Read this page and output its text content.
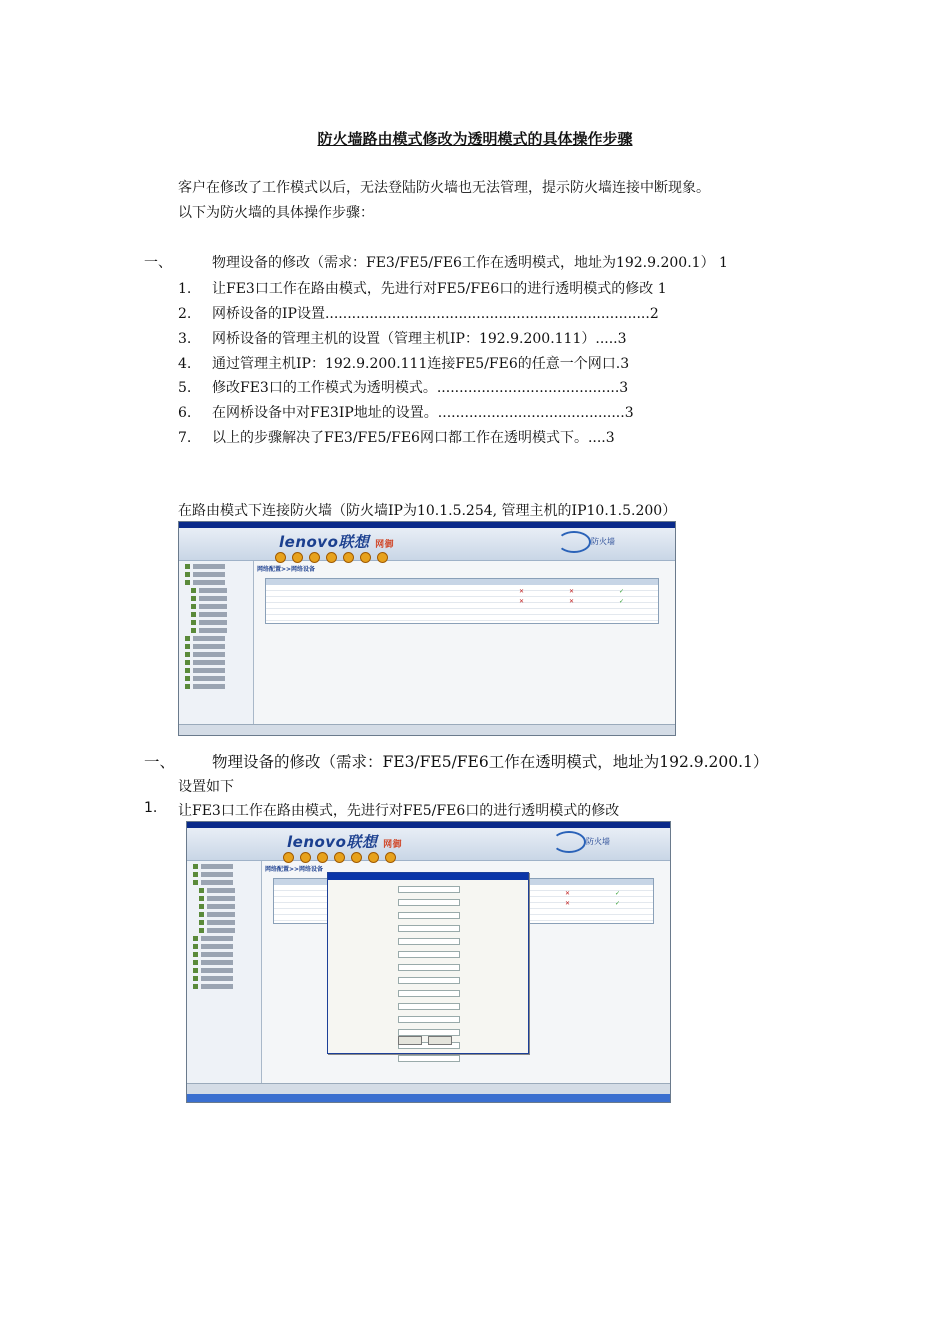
防火墙路由模式修改为透明模式的具体操作步骤
客户在修改了工作模式以后，无法登陆防火墙也无法管理，提示防火墙连接中断现象。
以下为防火墙的具体操作步骤：
一、	物理设备的修改（需求：FE3/FE5/FE6工作在透明模式，地址为192.9.200.1） 1
1. 让FE3口工作在路由模式，先进行对FE5/FE6口的进行透明模式的修改 1
2. 网桥设备的IP设置.........................................................................2
3. 网桥设备的管理主机的设置（管理主机IP：192.9.200.111）.....3
4. 通过管理主机IP：192.9.200.111连接FE5/FE6的任意一个网口.3
5. 修改FE3口的工作模式为透明模式。.........................................3
6. 在网桥设备中对FE3IP地址的设置。..........................................3
7. 以上的步骤解决了FE3/FE5/FE6网口都工作在透明模式下。....3
在路由模式下连接防火墙（防火墙IP为10.1.5.254, 管理主机的IP10.1.5.200）
lenovo联想 网御	防火墙
网络配置>>网络设备
✕
✕
✕
✕
✓
✓
一、 物理设备的修改（需求：FE3/FE5/FE6工作在透明模式，地址为192.9.200.1）
设置如下
1. 让FE3口工作在路由模式，先进行对FE5/FE6口的进行透明模式的修改
lenovo联想 网御	防火墙
网络配置>>网络设备
✕
✕
✓
✓
